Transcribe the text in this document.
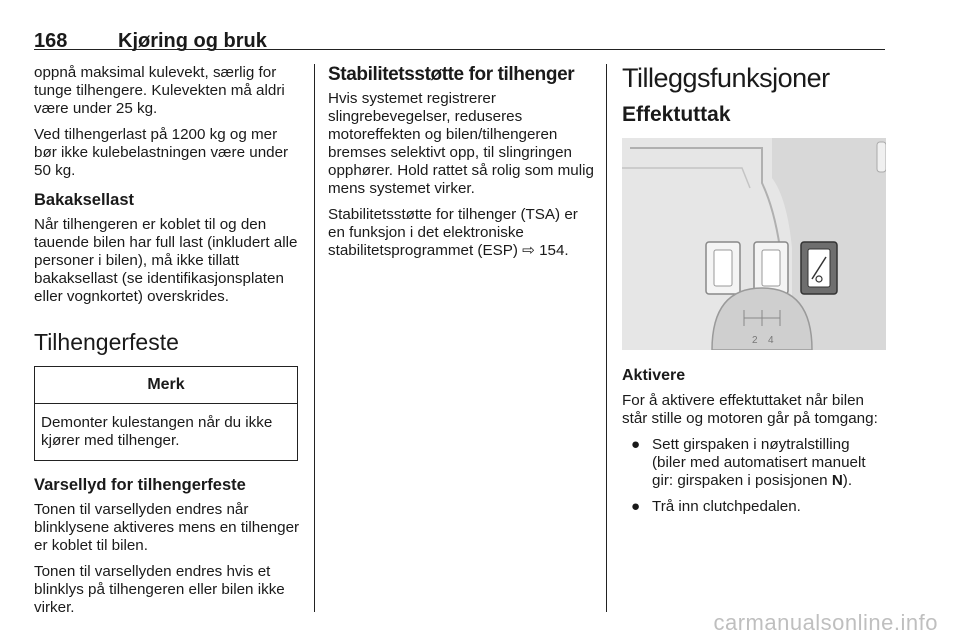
168	Kjøring og bruk

oppnå maksimal kulevekt, særlig for tunge tilhengere. Kulevekten må aldri være under 25 kg.

Ved tilhengerlast på 1200 kg og mer bør ikke kulebelastningen være under 50 kg.

Bakaksellast

Når tilhengeren er koblet til og den tauende bilen har full last (inkludert alle personer i bilen), må ikke tillatt bakaksellast (se identifikasjonsplaten eller vognkortet) overskrides.

Tilhengerfeste
Merk
Demonter kulestangen når du ikke kjører med tilhenger.
Varsellyd for tilhengerfeste

Tonen til varsellyden endres når blinklysene aktiveres mens en tilhenger er koblet til bilen.

Tonen til varsellyden endres hvis et blinklys på tilhengeren eller bilen ikke virker.

Stabilitetsstøtte for tilhenger

Hvis systemet registrerer slingrebevegelser, reduseres motoreffekten og bilen/tilhengeren bremses selektivt opp, til slingringen opphører. Hold rattet så rolig som mulig mens systemet virker.

Stabilitetsstøtte for tilhenger (TSA) er en funksjon i det elektroniske stabilitetsprogrammet (ESP) ⇨ 154.

Tilleggsfunksjoner
Effektuttak
2 4
Aktivere

For å aktivere effektuttaket når bilen står stille og motoren går på tomgang:

● Sett girspaken i nøytralstilling (biler med automatisert manuelt gir: girspaken i posisjonen N).
● Trå inn clutchpedalen.
carmanualsonline.info
